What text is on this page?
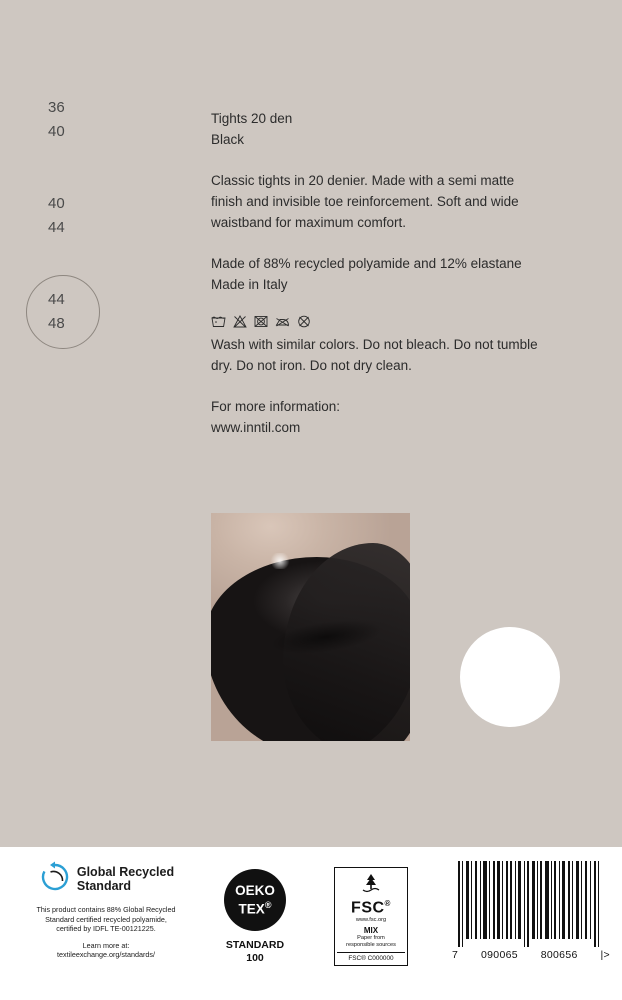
36
40
40
44
44
48

Tights 20 den
Black

Classic tights in 20 denier. Made with a semi matte
finish and invisible toe reinforcement. Soft and wide
waistband for maximum comfort.

Made of 88% recycled polyamide and 12% elastane
Made in Italy

Wash with similar colors. Do not bleach. Do not tumble
dry. Do not iron. Do not dry clean.

For more information:
www.inntil.com

Global Recycled
Standard
This product contains 88% Global Recycled
Standard certified recycled polyamide,
certified by IDFL TE-00121225.
Learn more at:
textileexchange.org/standards/
OEKO
TEX®
STANDARD
100
FSC®
www.fsc.org
MIX
Paper from
responsible sources
FSC® C000000	7 090065 800656 |>
